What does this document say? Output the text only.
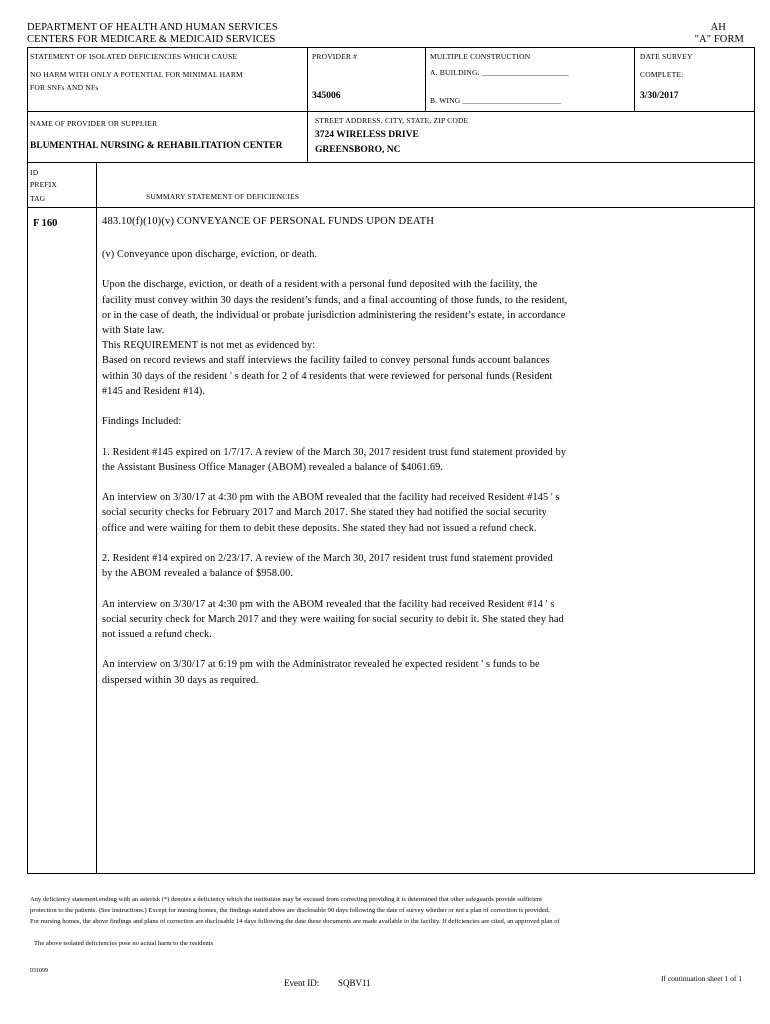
DEPARTMENT OF HEALTH AND HUMAN SERVICES
CENTERS FOR MEDICARE & MEDICAID SERVICES
AH
"A" FORM
STATEMENT OF ISOLATED DEFICIENCIES WHICH CAUSE
NO HARM WITH ONLY A POTENTIAL FOR MINIMAL HARM
FOR SNFs AND NFs
PROVIDER #
345006
MULTIPLE CONSTRUCTION
A. BUILDING: ______________________
B. WING _________________________
DATE SURVEY
COMPLETE:
3/30/2017
NAME OF PROVIDER OR SUPPLIER
BLUMENTHAL NURSING & REHABILITATION CENTER
STREET ADDRESS, CITY, STATE, ZIP CODE
3724 WIRELESS DRIVE
GREENSBORO, NC
ID
PREFIX
TAG	SUMMARY STATEMENT OF DEFICIENCIES
F 160	483.10(f)(10)(v) CONVEYANCE OF PERSONAL FUNDS UPON DEATH

(v) Conveyance upon discharge, eviction, or death.

Upon the discharge, eviction, or death of a resident with a personal fund deposited with the facility, the
facility must convey within 30 days the resident’s funds, and a final accounting of those funds, to the resident,
or in the case of death, the individual or probate jurisdiction administering the resident’s estate, in accordance
with State law.
This REQUIREMENT is not met as evidenced by:
Based on record reviews and staff interviews the facility failed to convey personal funds account balances
within 30 days of the resident ' s death for 2 of 4 residents that were reviewed for personal funds (Resident
#145 and Resident #14).

Findings Included:

1. Resident #145 expired on 1/7/17. A review of the March 30, 2017 resident trust fund statement provided by
the Assistant Business Office Manager (ABOM) revealed a balance of $4061.69.

An interview on 3/30/17 at 4:30 pm with the ABOM revealed that the facility had received Resident #145 ' s
social security checks for February 2017 and March 2017. She stated they had notified the social security
office and were waiting for them to debit these deposits. She stated they had not issued a refund check.

2. Resident #14 expired on 2/23/17. A review of the March 30, 2017 resident trust fund statement provided
by the ABOM revealed a balance of $958.00.

An interview on 3/30/17 at 4:30 pm with the ABOM revealed that the facility had received Resident #14 ' s
social security check for March 2017 and they were waiting for social security to debit it. She stated they had
not issued a refund check.

An interview on 3/30/17 at 6:19 pm with the Administrator revealed he expected resident ' s funds to be
dispersed within 30 days as required.

Any deficiency statement ending with an asterisk (*) denotes a deficiency which the institution may be excused from correcting providing it is determined that other safeguards provide sufficient
protection to the patients. (See instructions.) Except for nursing homes, the findings stated above are disclosable 90 days following the date of survey whether or not a plan of correction is provided.
For nursing homes, the above findings and plans of correction are disclosable 14 days following the date these documents are made available to the facility. If deficiencies are cited, an approved plan of
The above isolated deficiencies pose no actual harm to the residents
031099
Event ID: SQBV11	If continuation sheet 1 of 1
